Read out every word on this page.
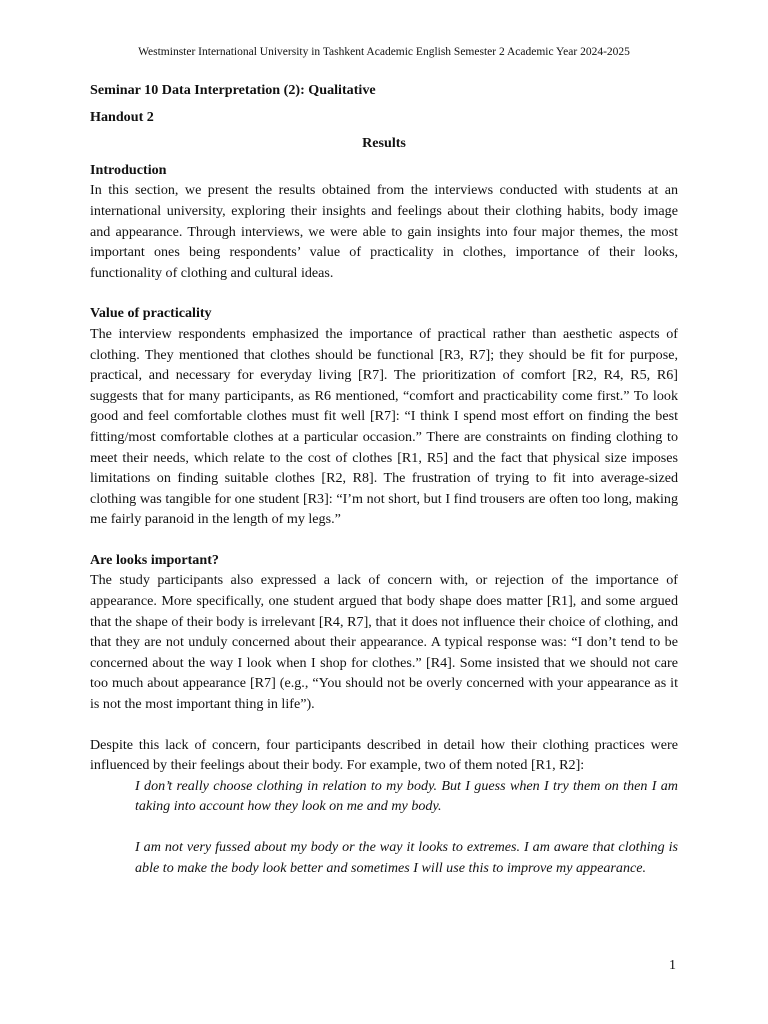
Westminster International University in Tashkent Academic English Semester 2 Academic Year 2024-2025
Seminar 10 Data Interpretation (2): Qualitative
Handout 2
Results
Introduction

In this section, we present the results obtained from the interviews conducted with students at an international university, exploring their insights and feelings about their clothing habits, body image and appearance. Through interviews, we were able to gain insights into four major themes, the most important ones being respondents’ value of practicality in clothes, importance of their looks, functionality of clothing and cultural ideas.

Value of practicality

The interview respondents emphasized the importance of practical rather than aesthetic aspects of clothing. They mentioned that clothes should be functional [R3, R7]; they should be fit for purpose, practical, and necessary for everyday living [R7]. The prioritization of comfort [R2, R4, R5, R6] suggests that for many participants, as R6 mentioned, “comfort and practicability come first.” To look good and feel comfortable clothes must fit well [R7]: “I think I spend most effort on finding the best fitting/most comfortable clothes at a particular occasion.” There are constraints on finding clothing to meet their needs, which relate to the cost of clothes [R1, R5] and the fact that physical size imposes limitations on finding suitable clothes [R2, R8]. The frustration of trying to fit into average-sized clothing was tangible for one student [R3]: “I’m not short, but I find trousers are often too long, making me fairly paranoid in the length of my legs.”

Are looks important?

The study participants also expressed a lack of concern with, or rejection of the importance of appearance. More specifically, one student argued that body shape does matter [R1], and some argued that the shape of their body is irrelevant [R4, R7], that it does not influence their choice of clothing, and that they are not unduly concerned about their appearance. A typical response was: “I don’t tend to be concerned about the way I look when I shop for clothes.” [R4]. Some insisted that we should not care too much about appearance [R7] (e.g., “You should not be overly concerned with your appearance as it is not the most important thing in life”).

Despite this lack of concern, four participants described in detail how their clothing practices were influenced by their feelings about their body. For example, two of them noted [R1, R2]:

I don’t really choose clothing in relation to my body. But I guess when I try them on then I am taking into account how they look on me and my body.

I am not very fussed about my body or the way it looks to extremes. I am aware that clothing is able to make the body look better and sometimes I will use this to improve my appearance.

1
